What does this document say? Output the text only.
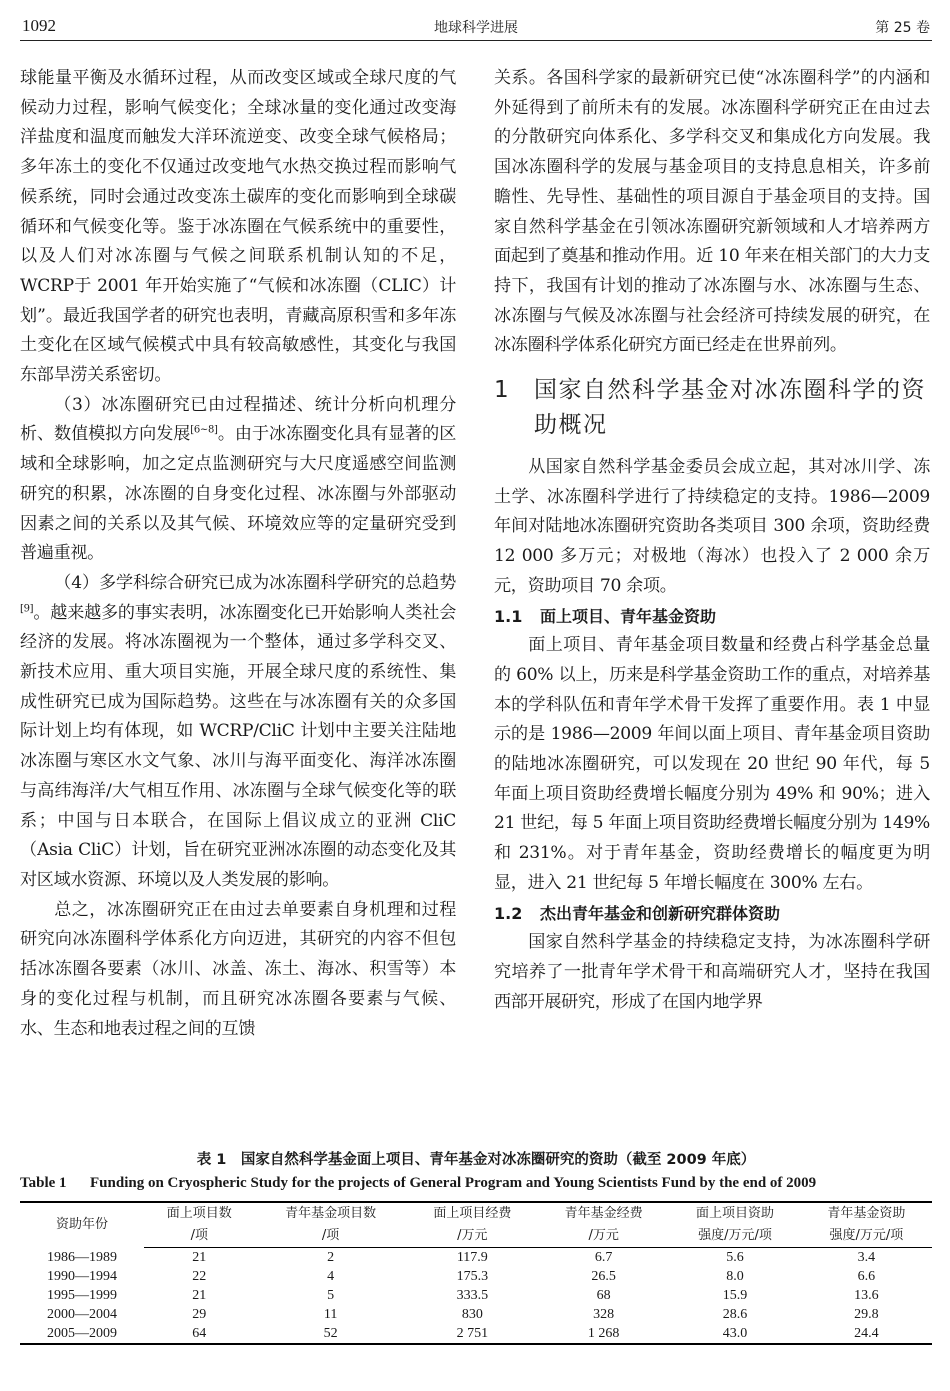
1092	地球科学进展	第 25 卷

球能量平衡及水循环过程，从而改变区域或全球尺度的气候动力过程，影响气候变化；全球冰量的变化通过改变海洋盐度和温度而触发大洋环流逆变、改变全球气候格局；多年冻土的变化不仅通过改变地气水热交换过程而影响气候系统，同时会通过改变冻土碳库的变化而影响到全球碳循环和气候变化等。鉴于冰冻圈在气候系统中的重要性，以及人们对冰冻圈与气候之间联系机制认知的不足，WCRP于 2001 年开始实施了“气候和冰冻圈（CLIC）计划”。最近我国学者的研究也表明，青藏高原积雪和多年冻土变化在区域气候模式中具有较高敏感性，其变化与我国东部旱涝关系密切。

（3）冰冻圈研究已由过程描述、统计分析向机理分析、数值模拟方向发展[6~8]。由于冰冻圈变化具有显著的区域和全球影响，加之定点监测研究与大尺度遥感空间监测研究的积累，冰冻圈的自身变化过程、冰冻圈与外部驱动因素之间的关系以及其气候、环境效应等的定量研究受到普遍重视。

（4）多学科综合研究已成为冰冻圈科学研究的总趋势[9]。越来越多的事实表明，冰冻圈变化已开始影响人类社会经济的发展。将冰冻圈视为一个整体，通过多学科交叉、新技术应用、重大项目实施，开展全球尺度的系统性、集成性研究已成为国际趋势。这些在与冰冻圈有关的众多国际计划上均有体现，如 WCRP/CliC 计划中主要关注陆地冰冻圈与寒区水文气象、冰川与海平面变化、海洋冰冻圈与高纬海洋/大气相互作用、冰冻圈与全球气候变化等的联系；中国与日本联合，在国际上倡议成立的亚洲 CliC（Asia CliC）计划，旨在研究亚洲冰冻圈的动态变化及其对区域水资源、环境以及人类发展的影响。

总之，冰冻圈研究正在由过去单要素自身机理和过程研究向冰冻圈科学体系化方向迈进，其研究的内容不但包括冰冻圈各要素（冰川、冰盖、冻土、海冰、积雪等）本身的变化过程与机制，而且研究冰冻圈各要素与气候、水、生态和地表过程之间的互馈

关系。各国科学家的最新研究已使“冰冻圈科学”的内涵和外延得到了前所未有的发展。冰冻圈科学研究正在由过去的分散研究向体系化、多学科交叉和集成化方向发展。我国冰冻圈科学的发展与基金项目的支持息息相关，许多前瞻性、先导性、基础性的项目源自于基金项目的支持。国家自然科学基金在引领冰冻圈研究新领域和人才培养两方面起到了奠基和推动作用。近 10 年来在相关部门的大力支持下，我国有计划的推动了冰冻圈与水、冰冻圈与生态、冰冻圈与气候及冰冻圈与社会经济可持续发展的研究，在冰冻圈科学体系化研究方面已经走在世界前列。

1	国家自然科学基金对冰冻圈科学的资助概况

从国家自然科学基金委员会成立起，其对冰川学、冻土学、冰冻圈科学进行了持续稳定的支持。1986—2009 年间对陆地冰冻圈研究资助各类项目 300 余项，资助经费 12 000 多万元；对极地（海冰）也投入了 2 000 余万元，资助项目 70 余项。

1.1 面上项目、青年基金资助

面上项目、青年基金项目数量和经费占科学基金总量的 60% 以上，历来是科学基金资助工作的重点，对培养基本的学科队伍和青年学术骨干发挥了重要作用。表 1 中显示的是 1986—2009 年间以面上项目、青年基金项目资助的陆地冰冻圈研究，可以发现在 20 世纪 90 年代，每 5 年面上项目资助经费增长幅度分别为 49% 和 90%；进入 21 世纪，每 5 年面上项目资助经费增长幅度分别为 149% 和 231%。对于青年基金，资助经费增长的幅度更为明显，进入 21 世纪每 5 年增长幅度在 300% 左右。

1.2 杰出青年基金和创新研究群体资助

国家自然科学基金的持续稳定支持，为冰冻圈科学研究培养了一批青年学术骨干和高端研究人才，坚持在我国西部开展研究，形成了在国内地学界

表 1　国家自然科学基金面上项目、青年基金对冰冻圈研究的资助（截至 2009 年底）
Table 1 Funding on Cryospheric Study for the projects of General Program and Young Scientists Fund by the end of 2009
资助年份	面上项目数	青年基金项目数	面上项目经费	青年基金经费	面上项目资助	青年基金资助
	/项	/项	/万元	/万元	强度/万元/项	强度/万元/项
1986—1989	21	2	117.9	6.7	5.6	3.4
1990—1994	22	4	175.3	26.5	8.0	6.6
1995—1999	21	5	333.5	68	15.9	13.6
2000—2004	29	11	830	328	28.6	29.8
2005—2009	64	52	2 751	1 268	43.0	24.4
